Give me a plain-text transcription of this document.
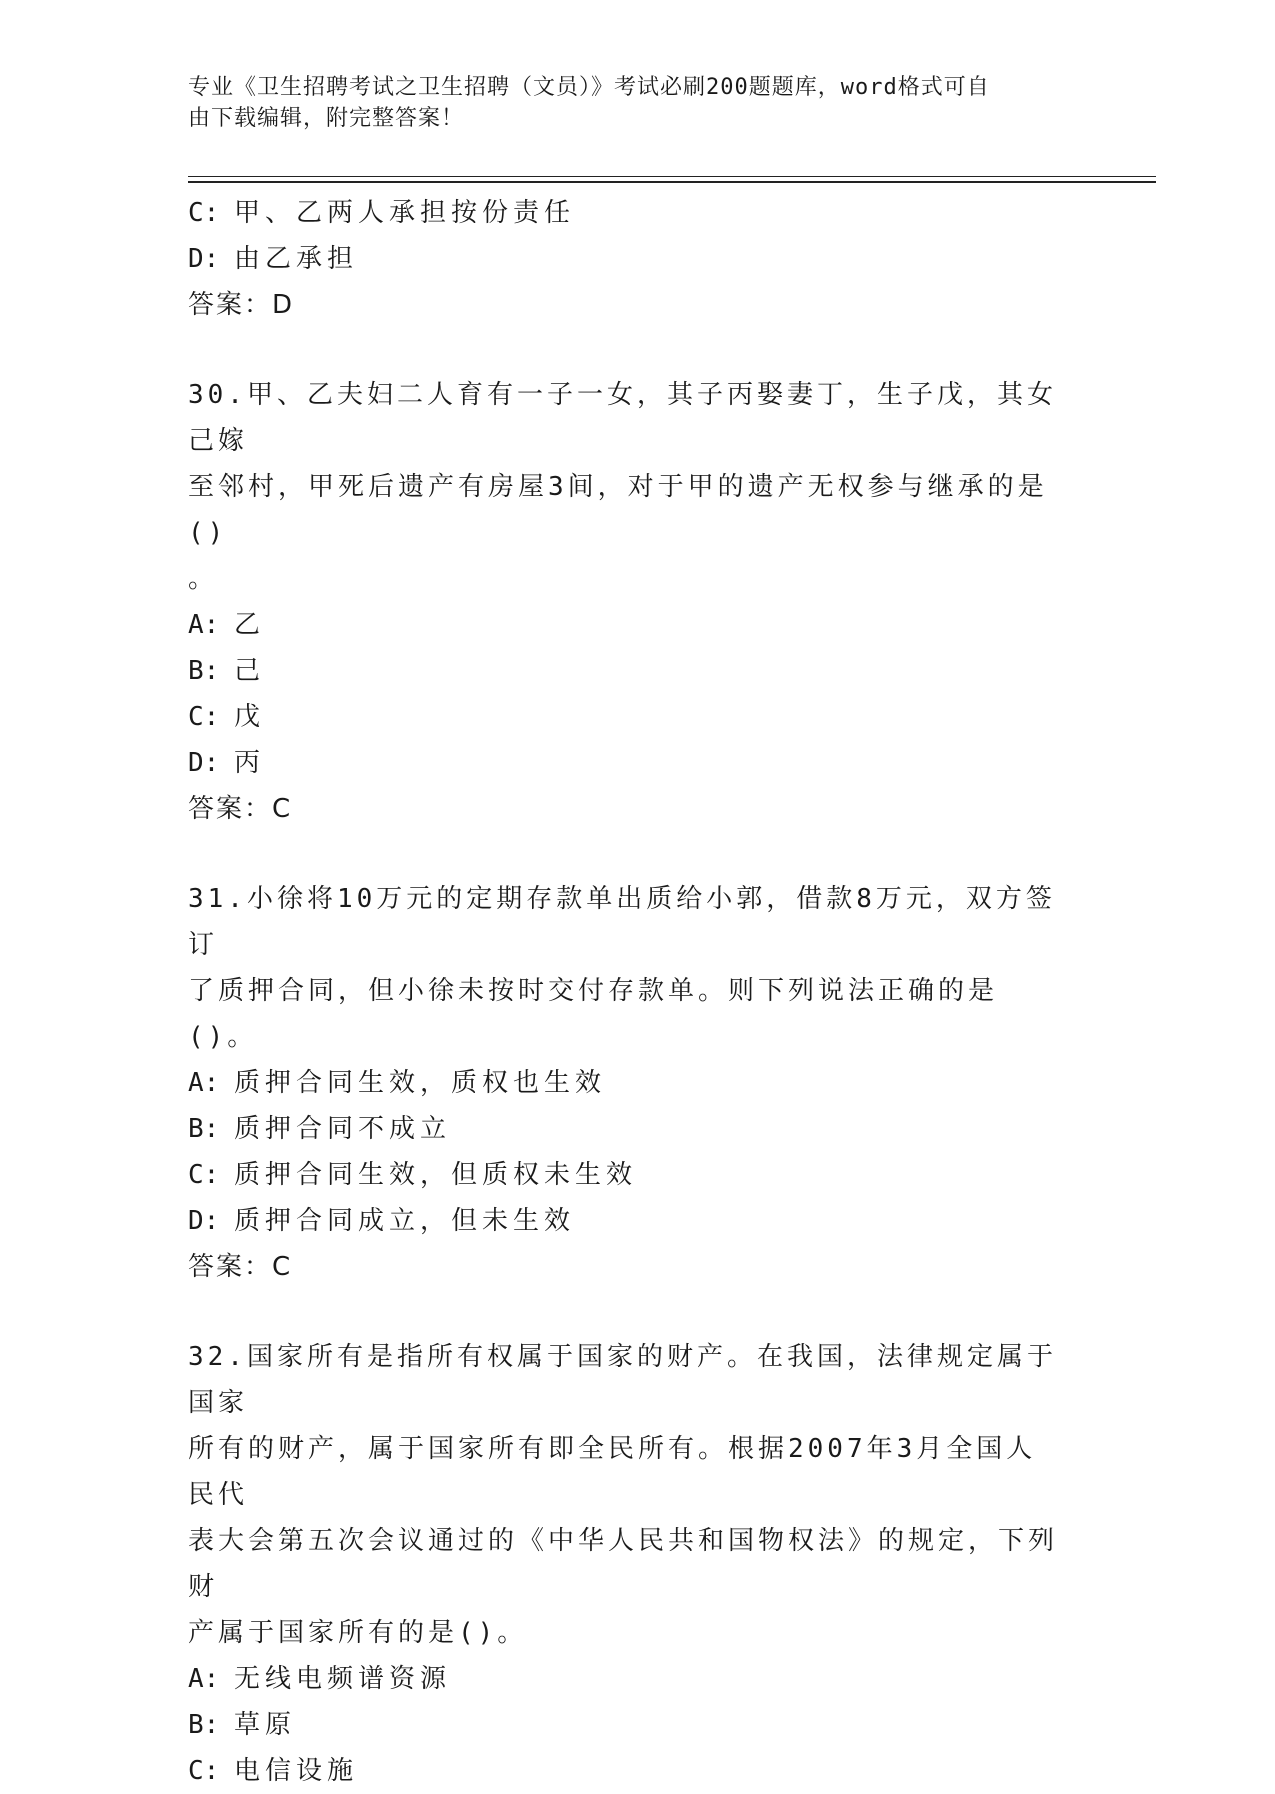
专业《卫生招聘考试之卫生招聘（文员）》考试必刷200题题库，word格式可自
由下载编辑，附完整答案！
C: 甲、乙两人承担按份责任
D: 由乙承担
答案：D
30.甲、乙夫妇二人育有一子一女，其子丙娶妻丁，生子戊，其女己嫁
至邻村，甲死后遗产有房屋3间，对于甲的遗产无权参与继承的是()
。
A: 乙
B: 己
C: 戊
D: 丙
答案：C
31.小徐将10万元的定期存款单出质给小郭，借款8万元，双方签订
了质押合同，但小徐未按时交付存款单。则下列说法正确的是()。
A: 质押合同生效，质权也生效
B: 质押合同不成立
C: 质押合同生效，但质权未生效
D: 质押合同成立，但未生效
答案：C
32.国家所有是指所有权属于国家的财产。在我国，法律规定属于国家
所有的财产，属于国家所有即全民所有。根据2007年3月全国人民代
表大会第五次会议通过的《中华人民共和国物权法》的规定，下列财
产属于国家所有的是()。
A: 无线电频谱资源
B: 草原
C: 电信设施
